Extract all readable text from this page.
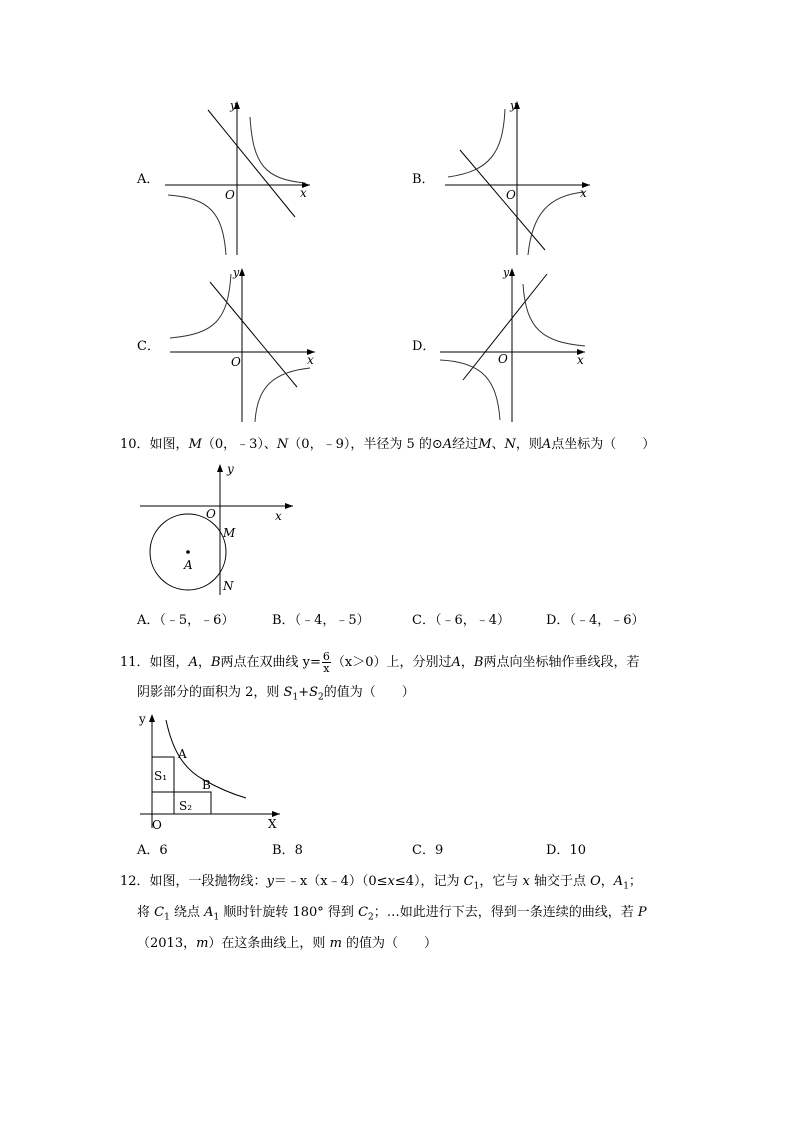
A．
y
x
O
B．
y
x
O
C．
y
x
O
D．
y
x
O
10．如图，M（0，﹣3）、N（0，﹣9），半径为 5 的⊙A经过M、N，则A点坐标为（　　）
y
x
O
A
M
N
A．（﹣5，﹣6）	B．（﹣4，﹣5）	C．（﹣6，﹣4）	D．（﹣4，﹣6）
11．如图，A，B两点在双曲线 $y= \frac{6}{x} (x>0)$上，分别过A，B两点向坐标轴作垂线段，若
阴影部分的面积为 2，则 $S_1+S_2$的值为（　　）
y
X
O
A
B
S₁
S₂
A．6	B．8	C．9	D．10
12．如图，一段抛物线：y＝﹣x（x﹣4）（0≤x≤4），记为 $C_1$，它与 x 轴交于点 O，$A_1$；
将 $C_1$ 绕点 $A_1$ 顺时针旋转 180° 得到 $C_2$；…如此进行下去，得到一条连续的曲线，若 P
（2013，m）在这条曲线上，则 m 的值为（　　）
